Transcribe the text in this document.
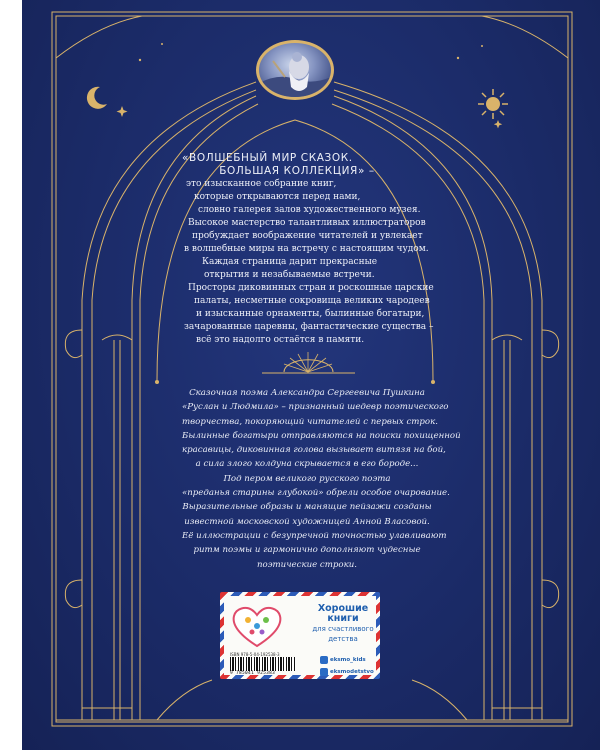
«ВОЛШЕБНЫЙ МИР СКАЗОК.
БОЛЬШАЯ КОЛЛЕКЦИЯ» –
это изысканное собрание книг,
которые открываются перед нами,
словно галерея залов художественного музея.
Высокое мастерство талантливых иллюстраторов
пробуждает воображение читателей и увлекает
в волшебные миры на встречу с настоящим чудом.
Каждая страница дарит прекрасные
открытия и незабываемые встречи.
Просторы диковинных стран и роскошные царские
палаты, несметные сокровища великих чародеев
и изысканные орнаменты, былинные богатыри,
зачарованные царевны, фантастические существа –
всё это надолго остаётся в памяти.
Сказочная поэма Александра Сергеевича Пушкина
«Руслан и Людмила» – признанный шедевр поэтического
творчества, покоряющий читателей с первых строк.
Былинные богатыри отправляются на поиски похищенной
красавицы, диковинная голова вызывает витязя на бой,
а сила злого колдуна скрывается в его бороде...
Под пером великого русского поэта
«преданья старины глубокой» обрели особое очарование.
Выразительные образы и манящие пейзажи созданы
известной московской художницей Анной Власовой.
Её иллюстрации с безупречной точностью улавливают
ритм поэмы и гармонично дополняют чудесные
поэтические строки.
Хорошие
книги
для счастливого
детства
ISBN 978-5-04-192538-3
9 785041 925383
eksmo_kids
eksmodetstvo
